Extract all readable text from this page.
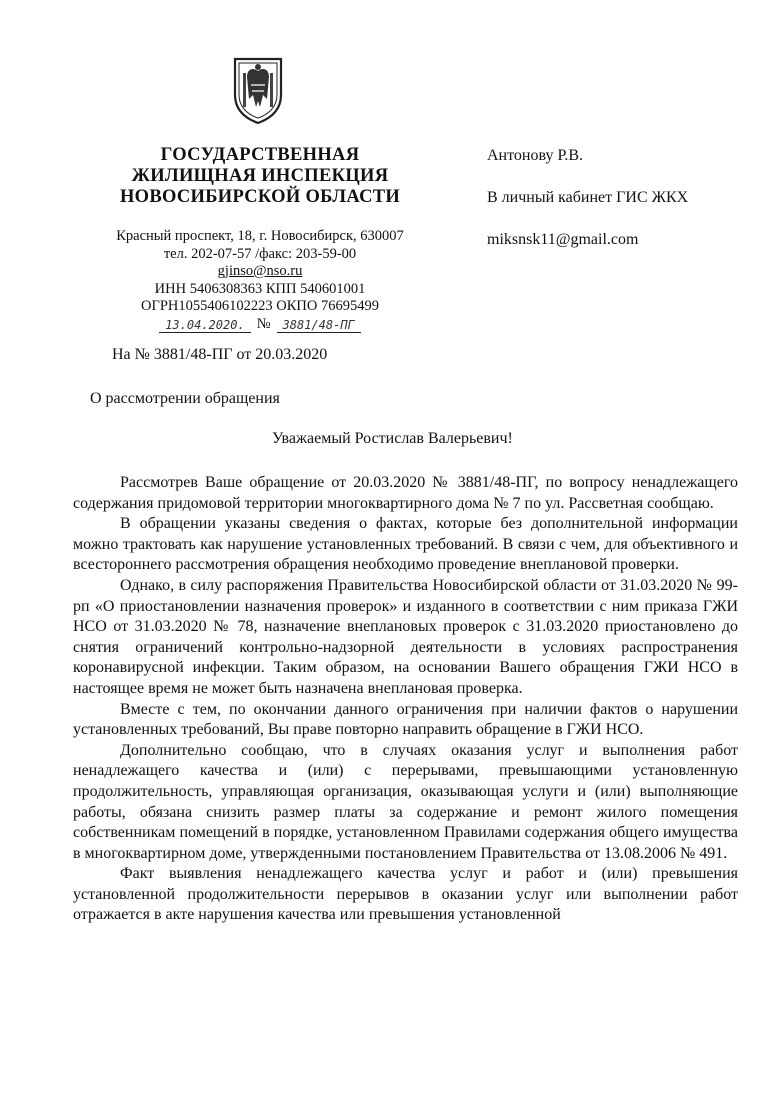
ГОСУДАРСТВЕННАЯ
ЖИЛИЩНАЯ ИНСПЕКЦИЯ
НОВОСИБИРСКОЙ ОБЛАСТИ
Красный проспект, 18, г. Новосибирск, 630007
тел. 202-07-57 /факс: 203-59-00
gjinso@nso.ru
ИНН 5406308363 КПП 540601001
ОГРН1055406102223 ОКПО 76695499
13.04.2020. №	3881/48-ПГ
На № 3881/48-ПГ от 20.03.2020
О рассмотрении обращения
Антонову Р.В.
В личный кабинет ГИС ЖКХ
miksnsk11@gmail.com
Уважаемый Ростислав Валерьевич!

Рассмотрев Ваше обращение от 20.03.2020 № 3881/48-ПГ, по вопросу ненадлежащего содержания придомовой территории многоквартирного дома № 7 по ул. Рассветная сообщаю.

В обращении указаны сведения о фактах, которые без дополнительной информации можно трактовать как нарушение установленных требований. В связи с чем, для объективного и всестороннего рассмотрения обращения необходимо проведение внеплановой проверки.

Однако, в силу распоряжения Правительства Новосибирской области от 31.03.2020 № 99-рп «О приостановлении назначения проверок» и изданного в соответствии с ним приказа ГЖИ НСО от 31.03.2020 № 78, назначение внеплановых проверок с 31.03.2020 приостановлено до снятия ограничений контрольно-надзорной деятельности в условиях распространения коронавирусной инфекции. Таким образом, на основании Вашего обращения ГЖИ НСО в настоящее время не может быть назначена внеплановая проверка.

Вместе с тем, по окончании данного ограничения при наличии фактов о нарушении установленных требований, Вы праве повторно направить обращение в ГЖИ НСО.

Дополнительно сообщаю, что в случаях оказания услуг и выполнения работ ненадлежащего качества и (или) с перерывами, превышающими установленную продолжительность, управляющая организация, оказывающая услуги и (или) выполняющие работы, обязана снизить размер платы за содержание и ремонт жилого помещения собственникам помещений в порядке, установленном Правилами содержания общего имущества в многоквартирном доме, утвержденными постановлением Правительства от 13.08.2006 № 491.

Факт выявления ненадлежащего качества услуг и работ и (или) превышения установленной продолжительности перерывов в оказании услуг или выполнении работ отражается в акте нарушения качества или превышения установленной
